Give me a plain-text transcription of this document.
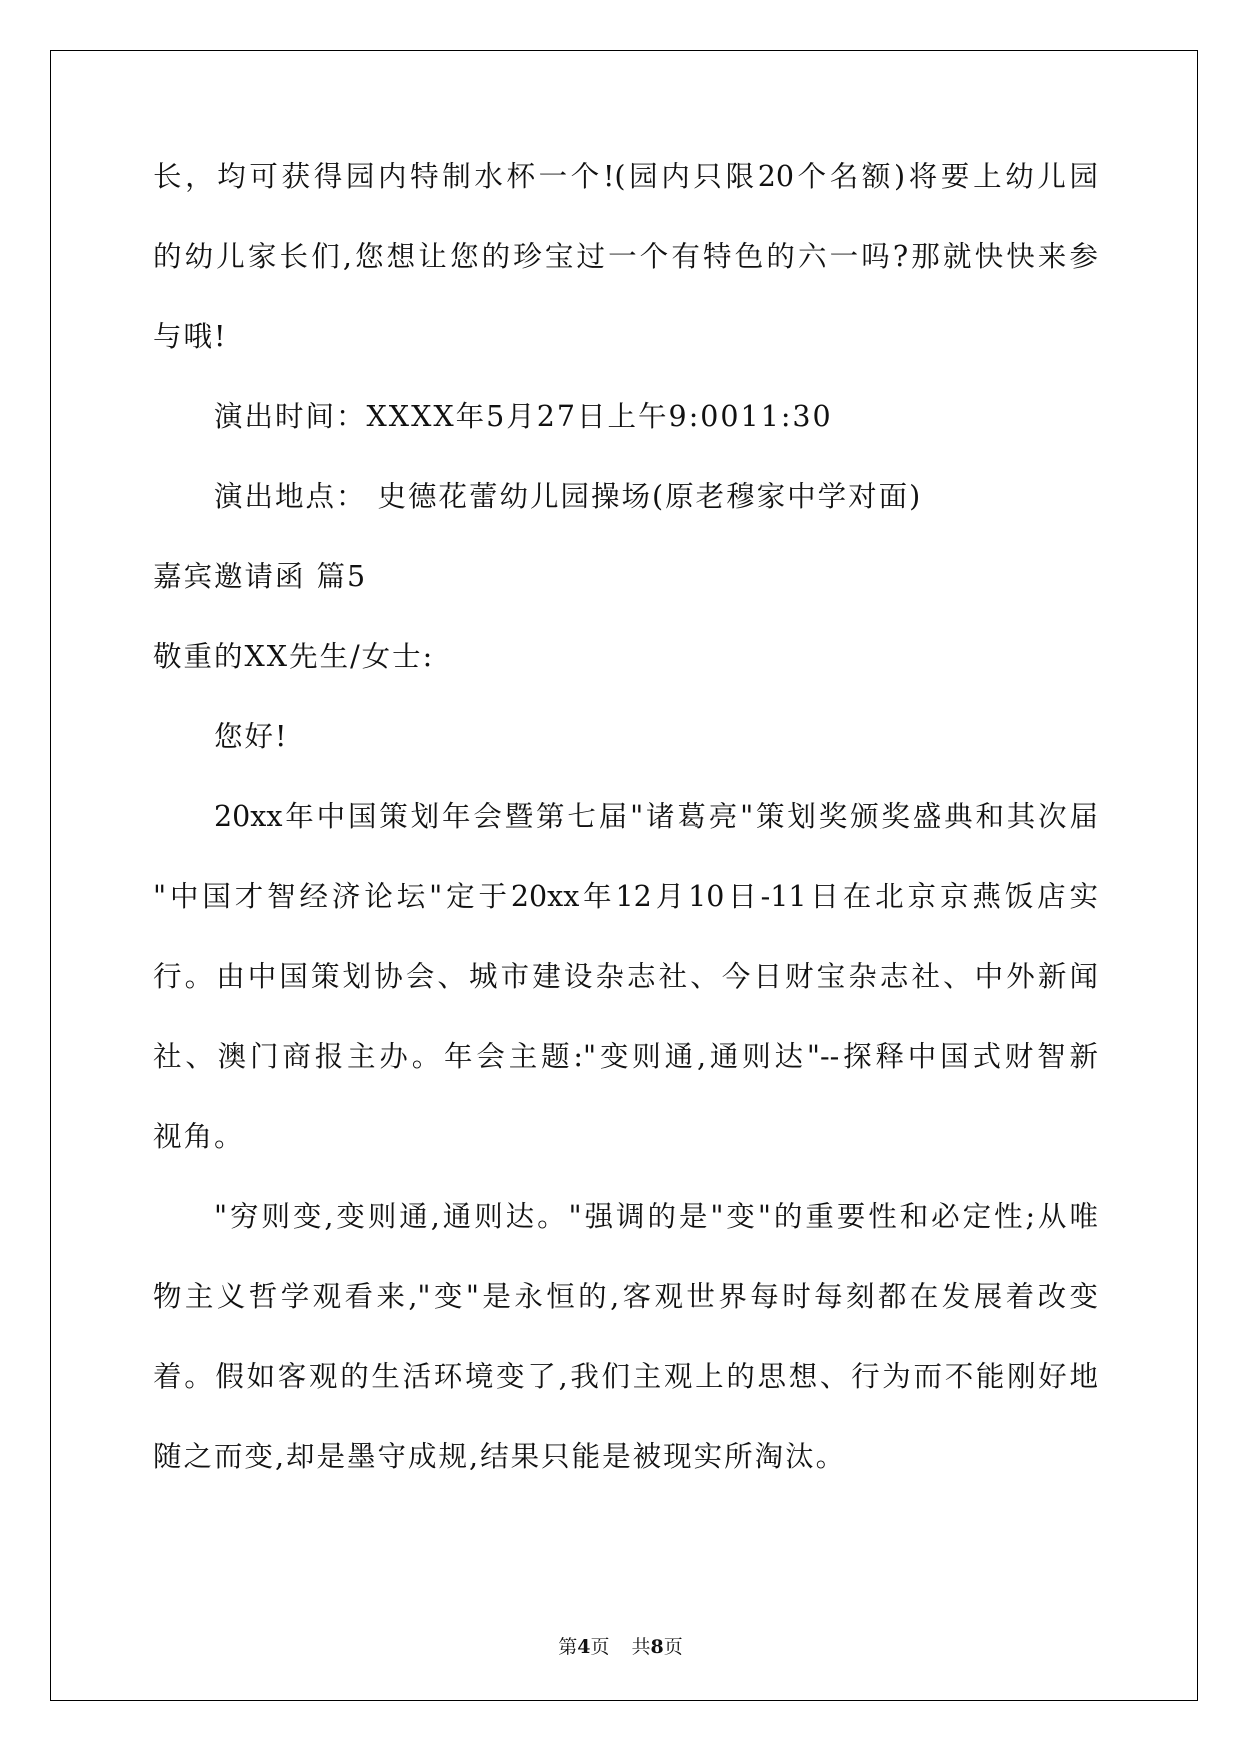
长，均可获得园内特制水杯一个!(园内只限20个名额)将要上幼儿园
的幼儿家长们,您想让您的珍宝过一个有特色的六一吗?那就快快来参
与哦!
演出时间：XXXX年5月27日上午9:0011:30
演出地点： 史德花蕾幼儿园操场(原老穆家中学对面)
嘉宾邀请函 篇5
敬重的XX先生/女士:
您好!
20xx年中国策划年会暨第七届"诸葛亮"策划奖颁奖盛典和其次届
"中国才智经济论坛"定于20xx年12月10日-11日在北京京燕饭店实
行。由中国策划协会、城市建设杂志社、今日财宝杂志社、中外新闻
社、澳门商报主办。年会主题:"变则通,通则达"--探释中国式财智新
视角。
"穷则变,变则通,通则达。"强调的是"变"的重要性和必定性;从唯
物主义哲学观看来,"变"是永恒的,客观世界每时每刻都在发展着改变
着。假如客观的生活环境变了,我们主观上的思想、行为而不能刚好地
随之而变,却是墨守成规,结果只能是被现实所淘汰。
第4页 共8页
